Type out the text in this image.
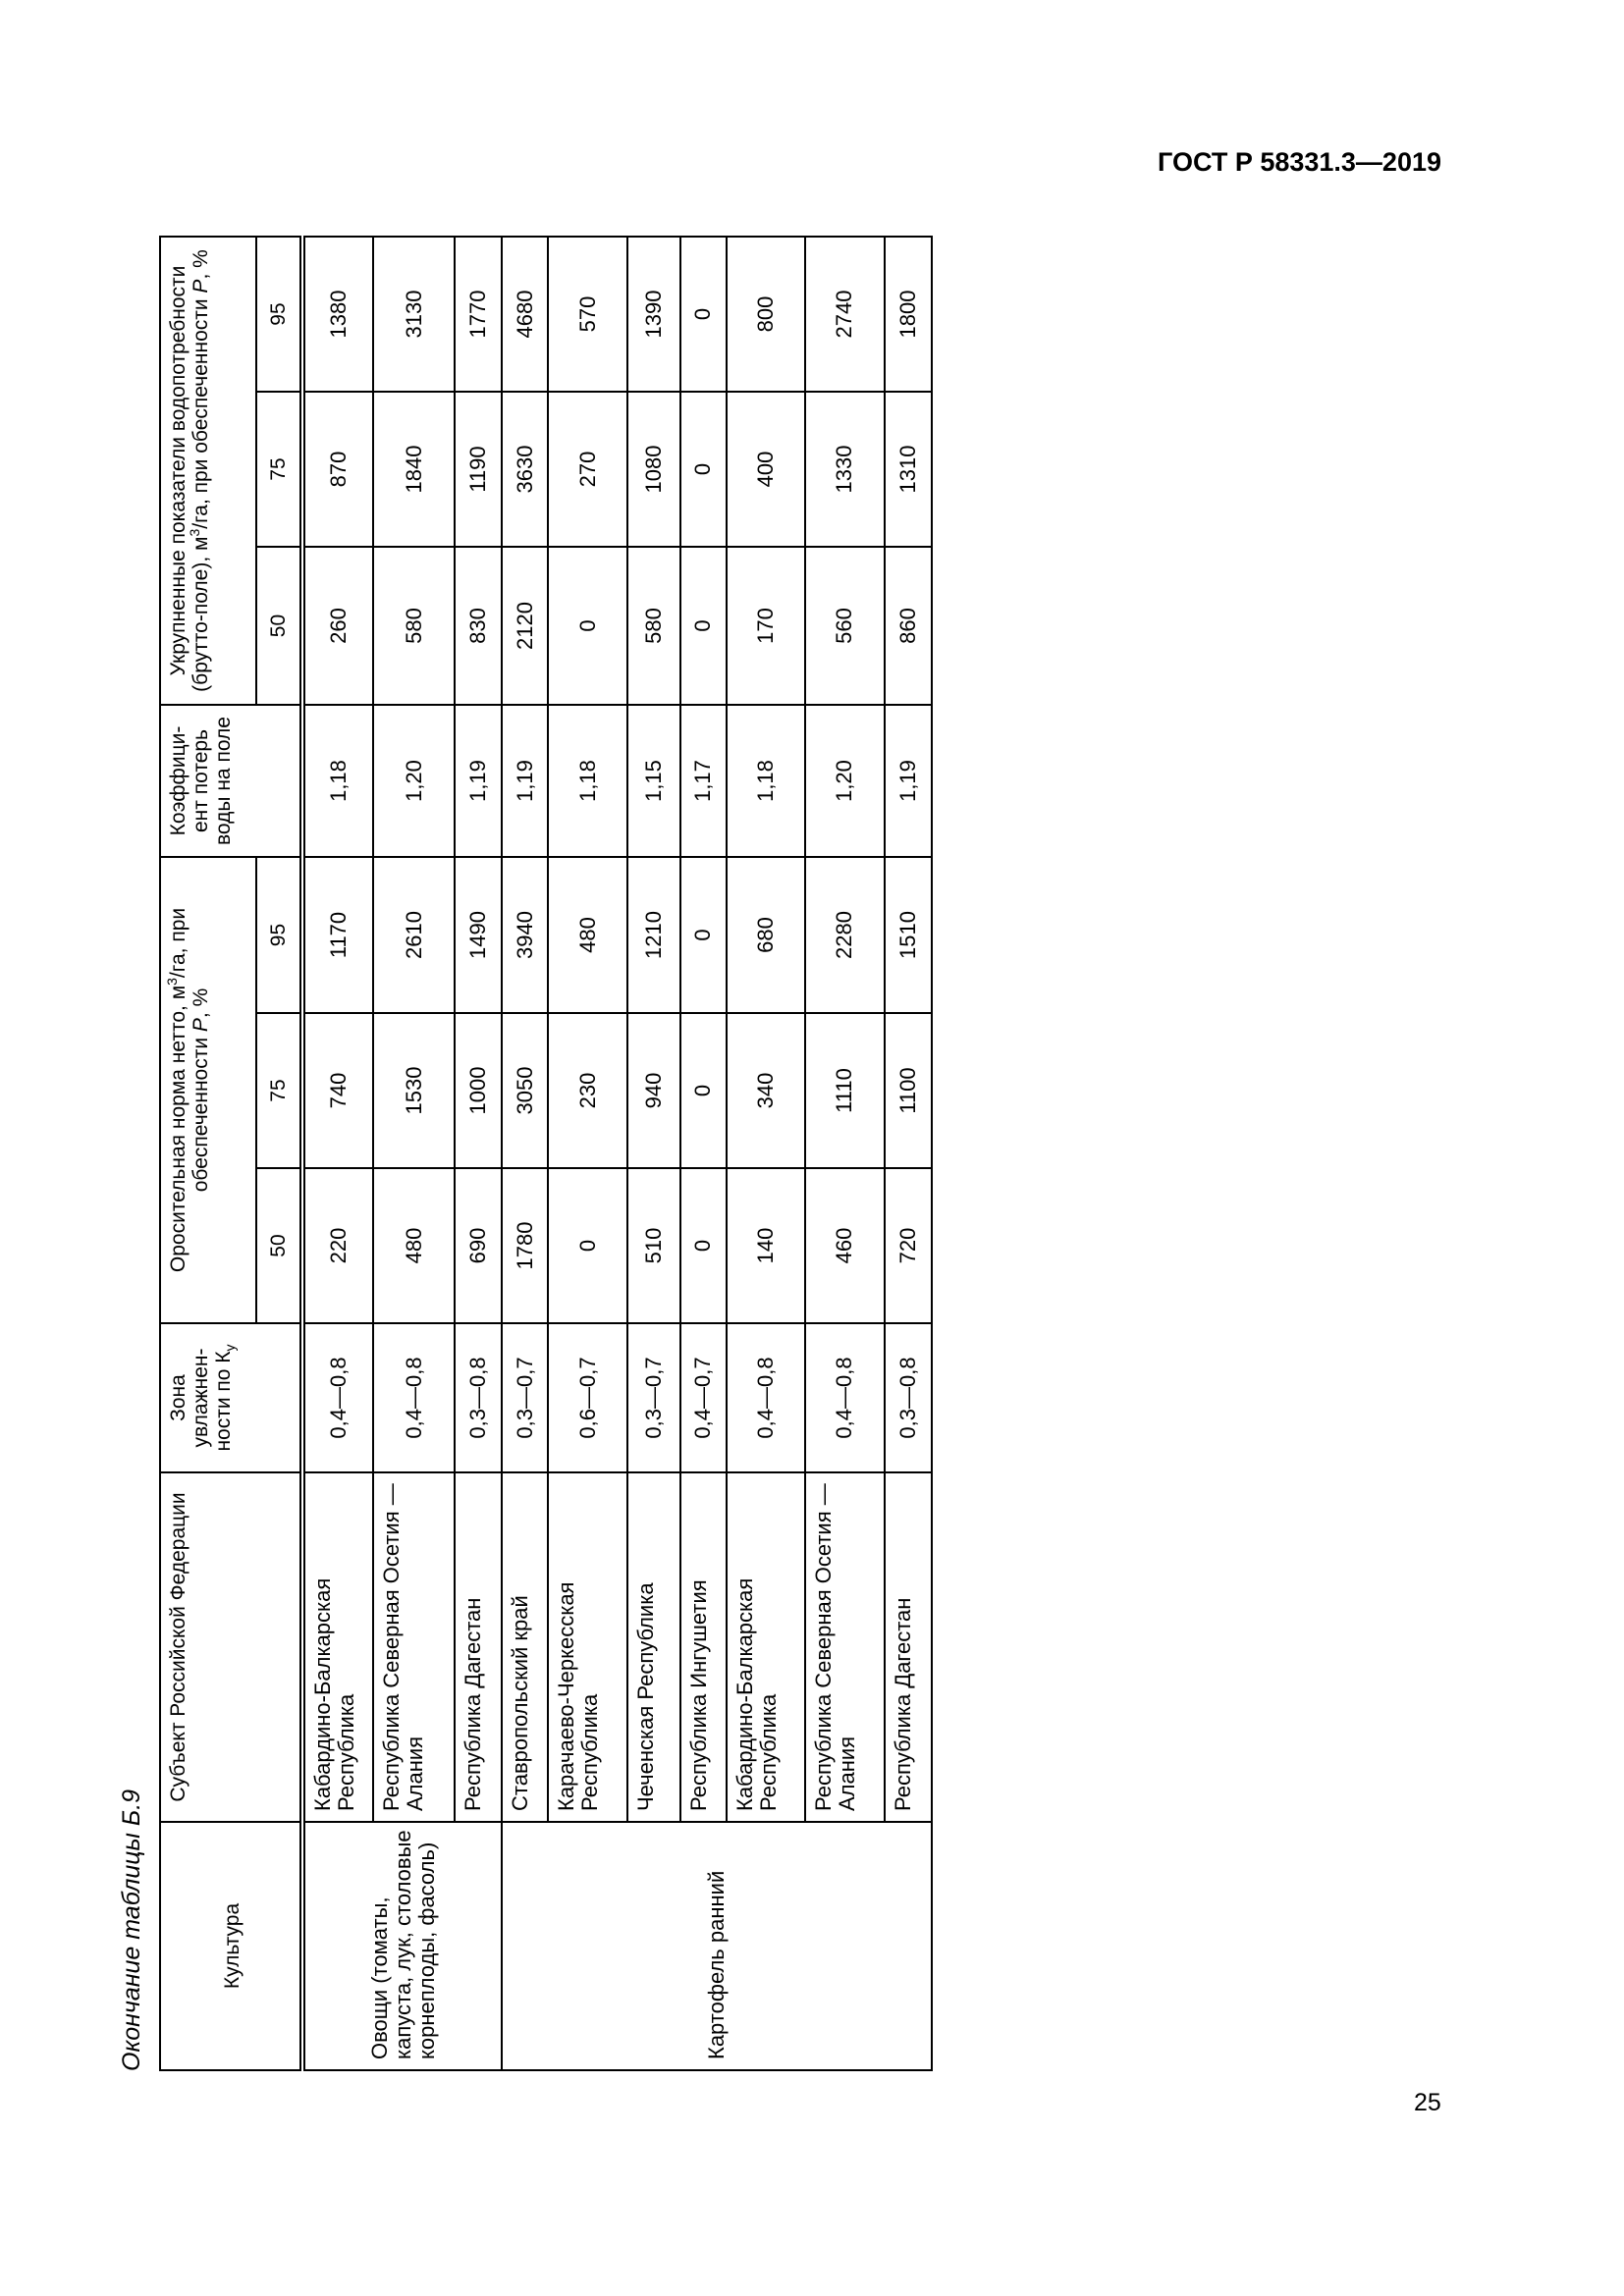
ГОСТ Р 58331.3—2019
Окончание таблицы Б.9	Культура	Субъект Российской Федерации	Зона увлажнен-ности по $К_у$	Оросительная норма нетто, $м^3/га$, при обеспеченности P, %			Коэффици-ент потерь воды на поле	Укрупненные показатели водопотребности (брутто-поле), $м^3/га$, при обеспеченности P, %		
			50	75	95		50	75	95
Овощи (томаты, капуста, лук, столовые корнеплоды, фасоль)	Кабардино-Балкарская Республика	0,4—0,8	220	740	1170	1,18	260	870	1380
	Республика Северная Осетия — Алания	0,4—0,8	480	1530	2610	1,20	580	1840	3130
	Республика Дагестан	0,3—0,8	690	1000	1490	1,19	830	1190	1770
Картофель ранний	Ставропольский край	0,3—0,7	1780	3050	3940	1,19	2120	3630	4680
	Карачаево-Черкесская Республика	0,6—0,7	0	230	480	1,18	0	270	570
	Чеченская Республика	0,3—0,7	510	940	1210	1,15	580	1080	1390
	Республика Ингушетия	0,4—0,7	0	0	0	1,17	0	0	0
	Кабардино-Балкарская Республика	0,4—0,8	140	340	680	1,18	170	400	800
	Республика Северная Осетия — Алания	0,4—0,8	460	1110	2280	1,20	560	1330	2740
	Республика Дагестан	0,3—0,8	720	1100	1510	1,19	860	1310	1800
25
